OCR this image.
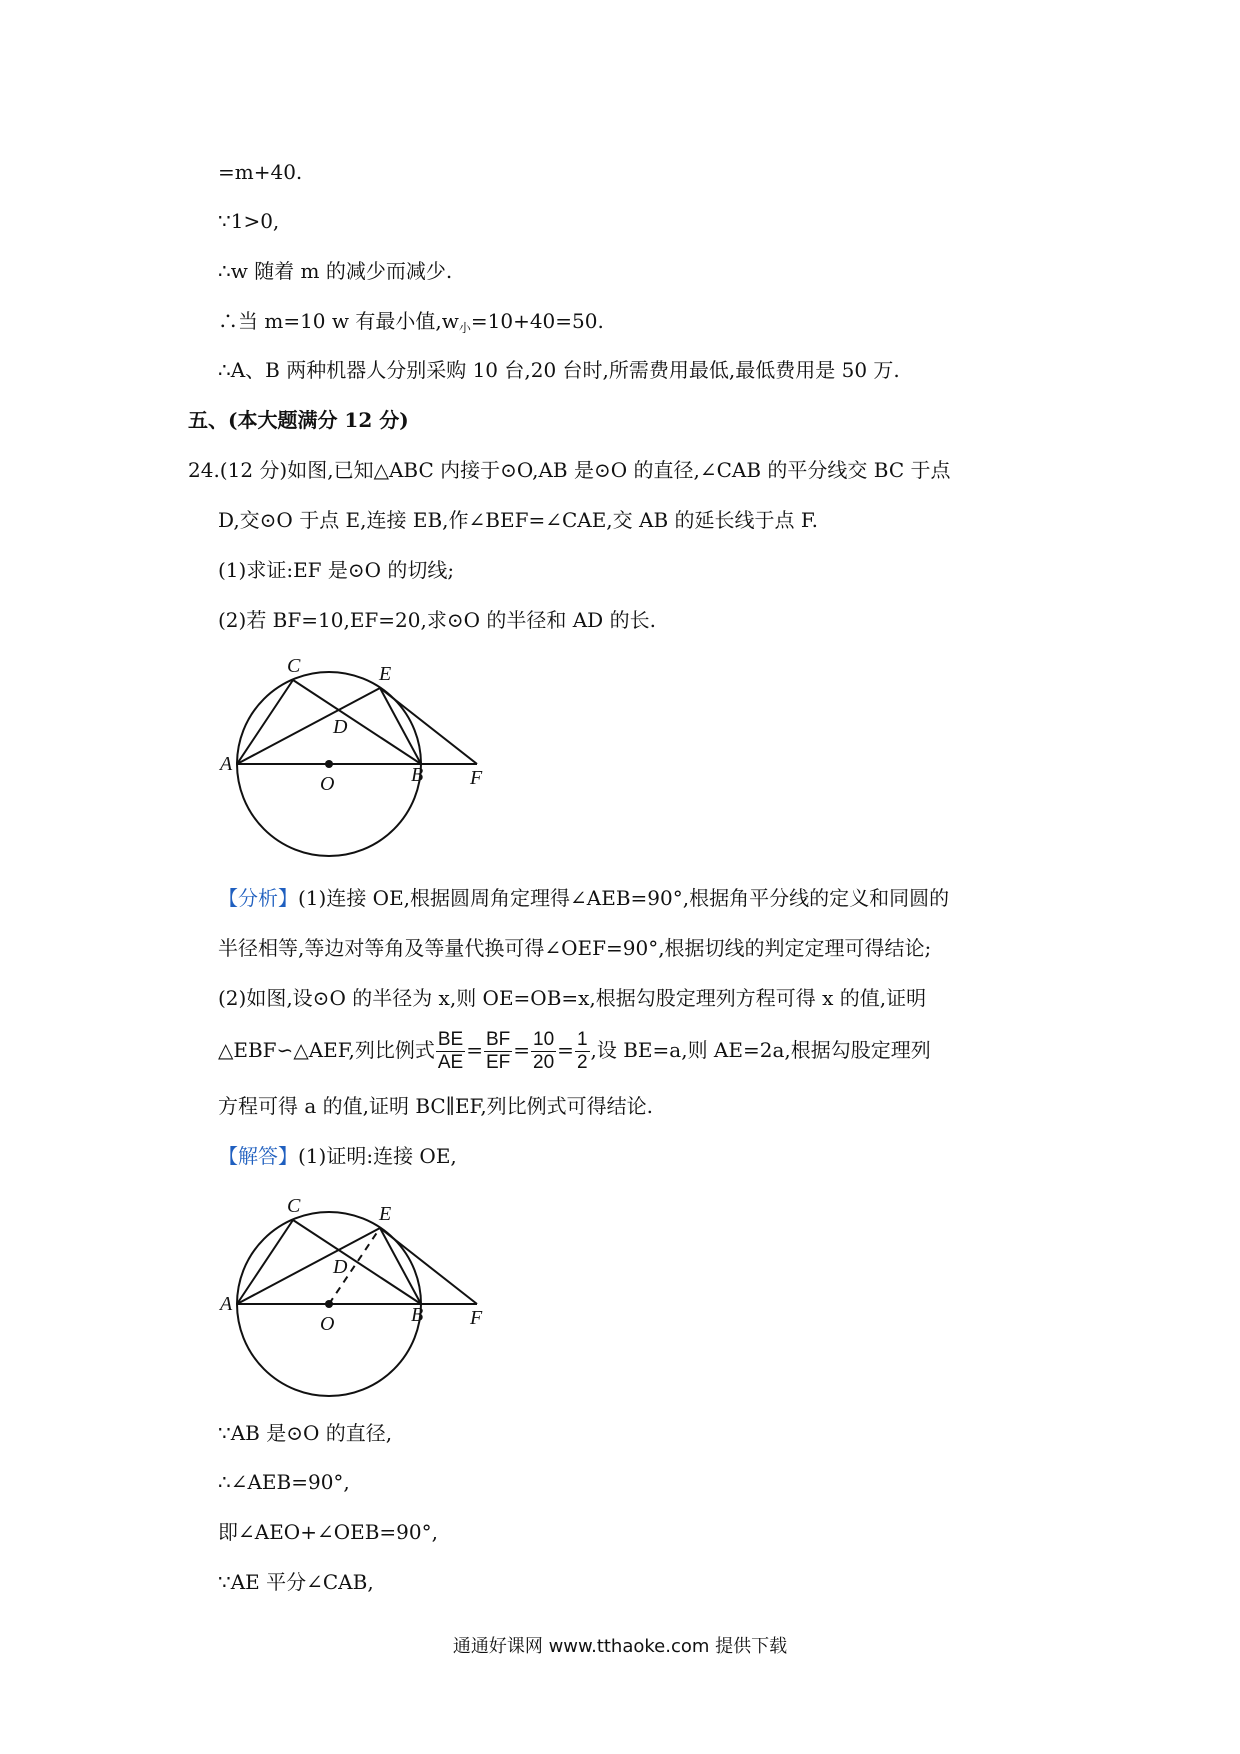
=m+40.
∵1>0,
∴w 随着 m 的减少而减少.
∴当 m=10 w 有最小值$,w_小=10+40=50$.
∴A、B 两种机器人分别采购 10 台,20 台时,所需费用最低,最低费用是 50 万.
五、(本大题满分 12 分)
24.(12 分)如图,已知△ABC 内接于⊙O,AB 是⊙O 的直径,∠CAB 的平分线交 BC 于点
D,交⊙O 于点 E,连接 EB,作∠BEF=∠CAE,交 AB 的延长线于点 F.
(1)求证:EF 是⊙O 的切线;
(2)若 BF=10,EF=20,求⊙O 的半径和 AD 的长.
A
C	E
D
O	B F
【分析】(1)连接 OE,根据圆周角定理得∠AEB=90°,根据角平分线的定义和同圆的
半径相等,等边对等角及等量代换可得∠OEF=90°,根据切线的判定定理可得结论;
(2)如图,设⊙O 的半径为 x,则 OE=OB=x,根据勾股定理列方程可得 x 的值,证明
△EBF∽△AEF,列比例式 $\frac{BE}{AE} = \frac{BF}{EF} = \frac{10}{20} = \frac{1}{2}$ ,设 BE=a,则 AE=2a,根据勾股定理列
方程可得 a 的值,证明 BC∥EF,列比例式可得结论.
【解答】(1)证明:连接 OE,
A
C	E
D
O	B F
∵AB 是⊙O 的直径,
∴∠AEB=90°,
即∠AEO+∠OEB=90°,
∵AE 平分∠CAB,
通通好课网 www.tthaoke.com 提供下载
